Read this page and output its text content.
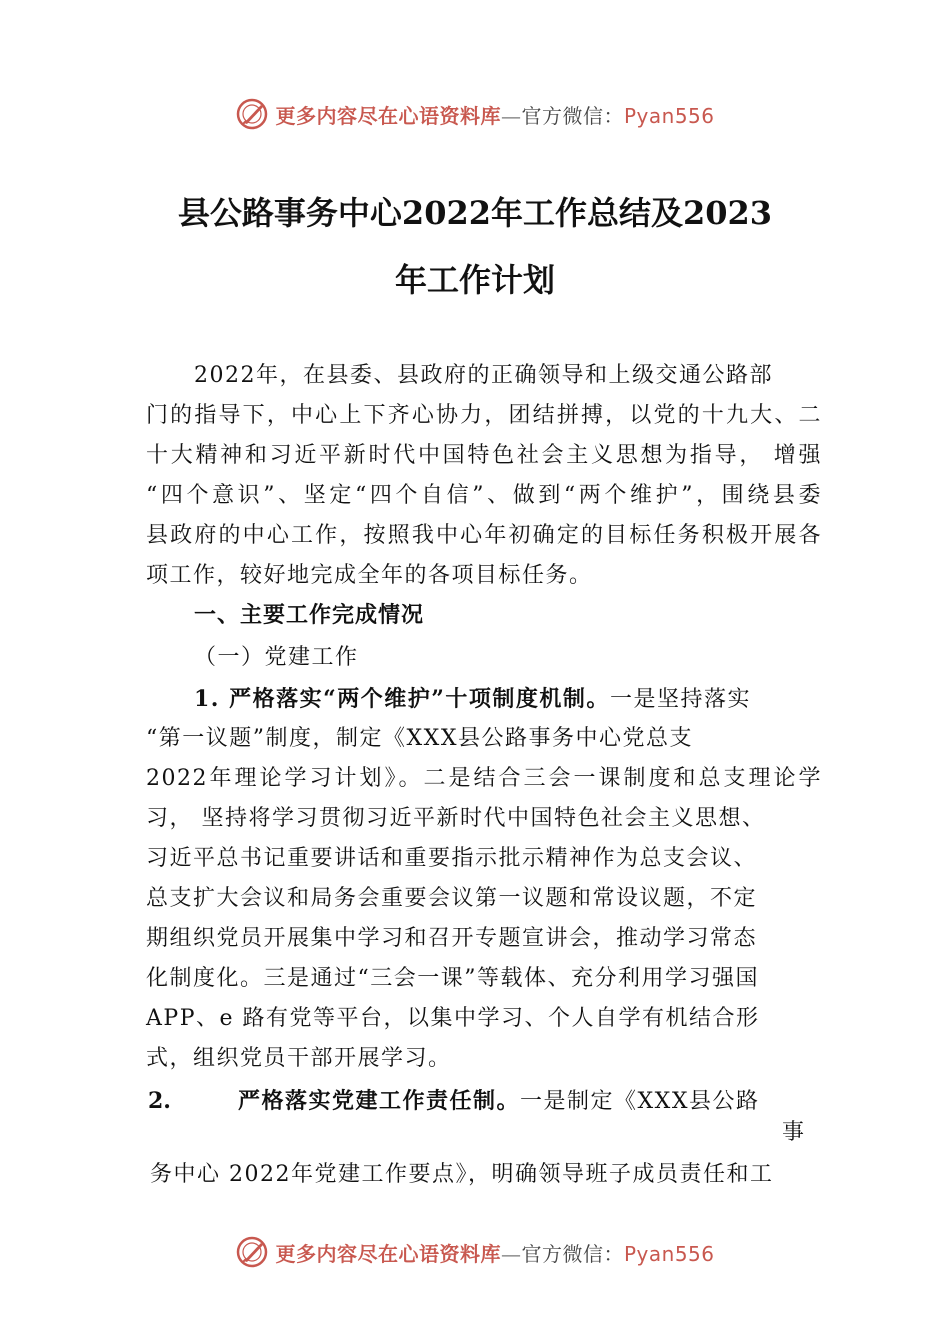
更多内容尽在心语资料库—官方微信：Pyan556
县公路事务中心2022年工作总结及2023
年工作计划
2022年，在县委、县政府的正确领导和上级交通公路部
门的指导下，中心上下齐心协力，团结拼搏，以党的十九大、二
十大精神和习近平新时代中国特色社会主义思想为指导， 增强
“四个意识”、坚定“四个自信”、做到“两个维护”，围绕县委
县政府的中心工作，按照我中心年初确定的目标任务积极开展各
项工作，较好地完成全年的各项目标任务。
一、主要工作完成情况
（一）党建工作
1. 严格落实“两个维护”十项制度机制。一是坚持落实
“第一议题”制度，制定《XXX县公路事务中心党总支
2022年理论学习计划》。二是结合三会一课制度和总支理论学
习， 坚持将学习贯彻习近平新时代中国特色社会主义思想、
习近平总书记重要讲话和重要指示批示精神作为总支会议、
总支扩大会议和局务会重要会议第一议题和常设议题，不定
期组织党员开展集中学习和召开专题宣讲会，推动学习常态
化制度化。三是通过“三会一课”等载体、充分利用学习强国
APP、e 路有党等平台，以集中学习、个人自学有机结合形
式，组织党员干部开展学习。
2.	严格落实党建工作责任制。一是制定《XXX县公路
事
务中心 2022年党建工作要点》，明确领导班子成员责任和工
更多内容尽在心语资料库—官方微信：Pyan556
